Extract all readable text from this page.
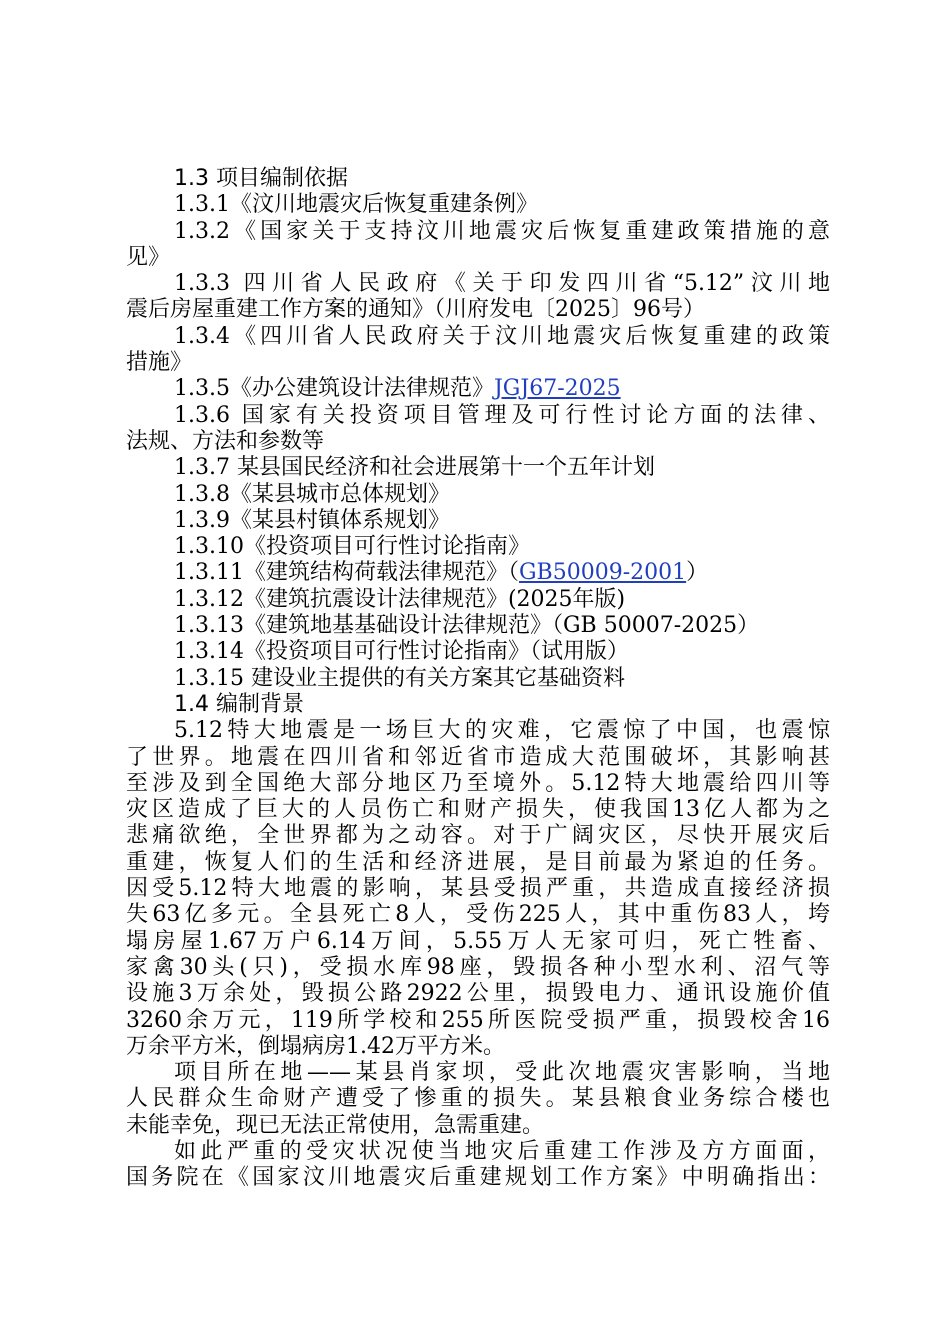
1.3 项目编制依据
1.3.1《汶川地震灾后恢复重建条例》
1.3.2《国家关于支持汶川地震灾后恢复重建政策措施的意
见》
1.3.3 四川省人民政府《关于印发四川省“5.12”汶川地
震后房屋重建工作方案的通知》（川府发电〔2025〕96号）
1.3.4《四川省人民政府关于汶川地震灾后恢复重建的政策
措施》
1.3.5《办公建筑设计法律规范》JGJ67-2025
1.3.6 国家有关投资项目管理及可行性讨论方面的法律、
法规、方法和参数等
1.3.7 某县国民经济和社会进展第十一个五年计划
1.3.8《某县城市总体规划》
1.3.9《某县村镇体系规划》
1.3.10《投资项目可行性讨论指南》
1.3.11《建筑结构荷载法律规范》（GB50009-2001）
1.3.12《建筑抗震设计法律规范》(2025年版)
1.3.13《建筑地基基础设计法律规范》（GB 50007-2025）
1.3.14《投资项目可行性讨论指南》（试用版）
1.3.15 建设业主提供的有关方案其它基础资料
1.4 编制背景
5.12特大地震是一场巨大的灾难，它震惊了中国，也震惊
了世界。地震在四川省和邻近省市造成大范围破坏，其影响甚
至涉及到全国绝大部分地区乃至境外。5.12特大地震给四川等
灾区造成了巨大的人员伤亡和财产损失，使我国13亿人都为之
悲痛欲绝，全世界都为之动容。对于广阔灾区，尽快开展灾后
重建，恢复人们的生活和经济进展，是目前最为紧迫的任务。
因受5.12特大地震的影响，某县受损严重，共造成直接经济损
失63亿多元。全县死亡8人，受伤225人，其中重伤83人，垮
塌房屋1.67万户6.14万间，5.55万人无家可归，死亡牲畜、
家禽30头(只)，受损水库98座，毁损各种小型水利、沼气等
设施3万余处，毁损公路2922公里，损毁电力、通讯设施价值
3260余万元，119所学校和255所医院受损严重，损毁校舍16
万余平方米，倒塌病房1.42万平方米。
项目所在地——某县肖家坝，受此次地震灾害影响，当地
人民群众生命财产遭受了惨重的损失。某县粮食业务综合楼也
未能幸免，现已无法正常使用，急需重建。
如此严重的受灾状况使当地灾后重建工作涉及方方面面，
国务院在《国家汶川地震灾后重建规划工作方案》中明确指出：
